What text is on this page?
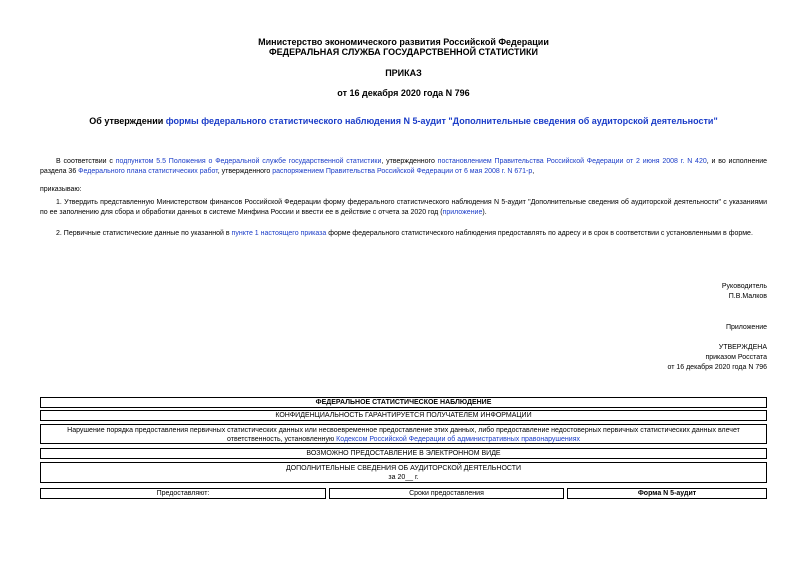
Министерство экономического развития Российской Федерации
ФЕДЕРАЛЬНАЯ СЛУЖБА ГОСУДАРСТВЕННОЙ СТАТИСТИКИ
ПРИКАЗ
от 16 декабря 2020 года N 796
Об утверждении формы федерального статистического наблюдения N 5-аудит "Дополнительные сведения об аудиторской деятельности"
В соответствии с подпунктом 5.5 Положения о Федеральной службе государственной статистики, утвержденного постановлением Правительства Российской Федерации от 2 июня 2008 г. N 420, и во исполнение раздела 36 Федерального плана статистических работ, утвержденного распоряжением Правительства Российской Федерации от 6 мая 2008 г. N 671-р,
приказываю:
1. Утвердить представленную Министерством финансов Российской Федерации форму федерального статистического наблюдения N 5-аудит "Дополнительные сведения об аудиторской деятельности" с указаниями по ее заполнению для сбора и обработки данных в системе Минфина России и ввести ее в действие с отчета за 2020 год (приложение).
2. Первичные статистические данные по указанной в пункте 1 настоящего приказа форме федерального статистического наблюдения предоставлять по адресу и в срок в соответствии с установленными в форме.
Руководитель
П.В.Малков
Приложение
УТВЕРЖДЕНА
приказом Росстата
от 16 декабря 2020 года N 796
ФЕДЕРАЛЬНОЕ СТАТИСТИЧЕСКОЕ НАБЛЮДЕНИЕ
КОНФИДЕНЦИАЛЬНОСТЬ ГАРАНТИРУЕТСЯ ПОЛУЧАТЕЛЕМ ИНФОРМАЦИИ
Нарушение порядка предоставления первичных статистических данных или несвоевременное предоставление этих данных, либо предоставление недостоверных первичных статистических данных влечет ответственность, установленную Кодексом Российской Федерации об административных правонарушениях
ВОЗМОЖНО ПРЕДОСТАВЛЕНИЕ В ЭЛЕКТРОННОМ ВИДЕ
ДОПОЛНИТЕЛЬНЫЕ СВЕДЕНИЯ ОБ АУДИТОРСКОЙ ДЕЯТЕЛЬНОСТИ
за 20__ г.
Предоставляют:	Сроки предоставления	Форма N 5-аудит
